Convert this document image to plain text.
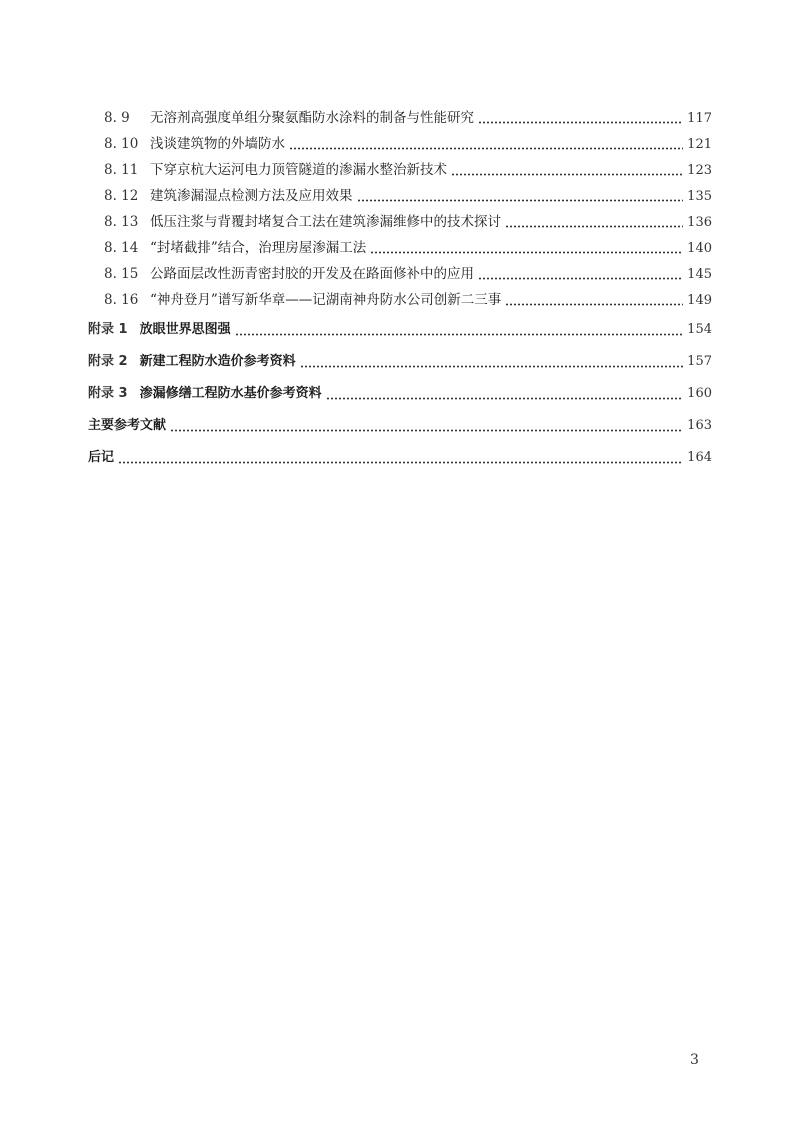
8. 9	无溶剂高强度单组分聚氨酯防水涂料的制备与性能研究	117
8. 10 浅谈建筑物的外墙防水	121
8. 11 下穿京杭大运河电力顶管隧道的渗漏水整治新技术	123
8. 12 建筑渗漏湿点检测方法及应用效果	135
8. 13 低压注浆与背覆封堵复合工法在建筑渗漏维修中的技术探讨	136
8. 14 “封堵截排”结合，治理房屋渗漏工法	140
8. 15 公路面层改性沥青密封胶的开发及在路面修补中的应用	145
8. 16 “神舟登月”谱写新华章——记湖南神舟防水公司创新二三事	149
附录 1 放眼世界思图强	154
附录 2 新建工程防水造价参考资料	157
附录 3 渗漏修缮工程防水基价参考资料	160
主要参考文献	163
后记	164
3
